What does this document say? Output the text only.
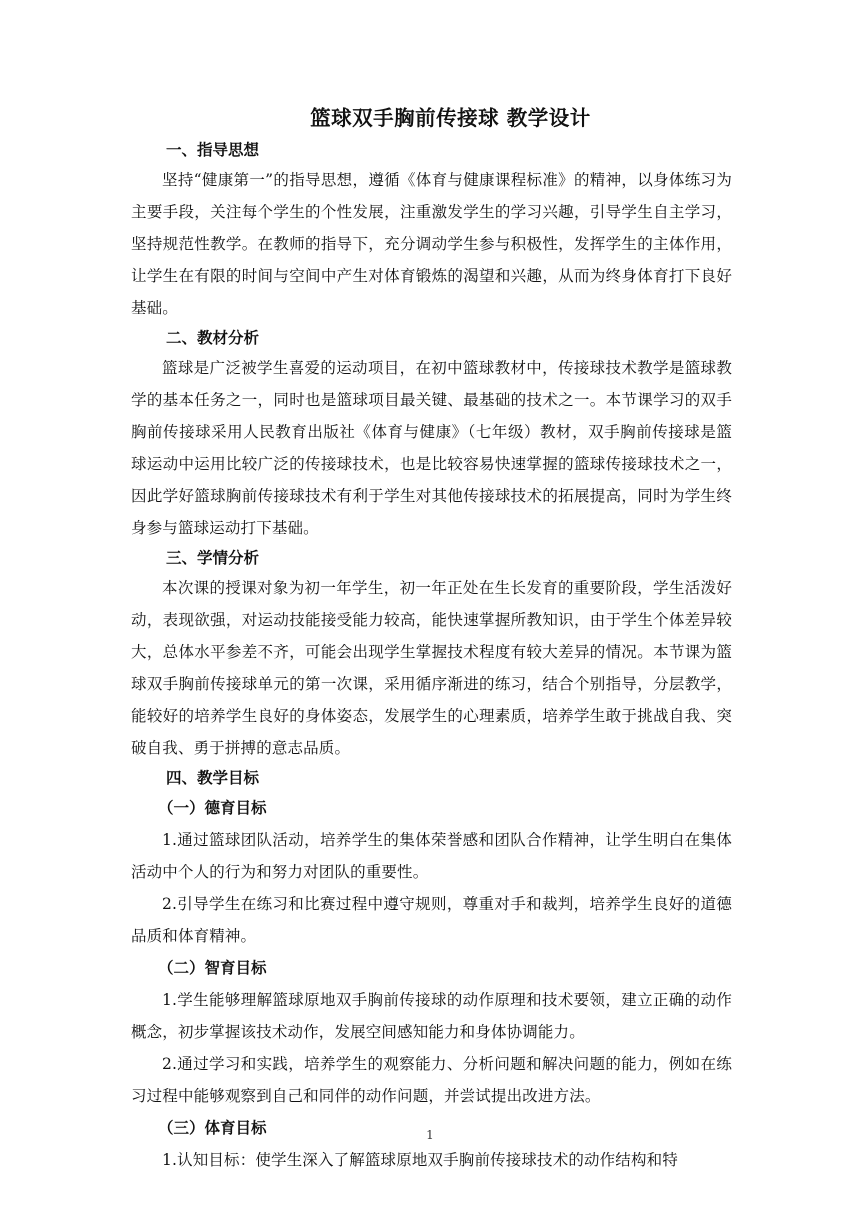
篮球双手胸前传接球 教学设计
一、指导思想

坚持“健康第一”的指导思想，遵循《体育与健康课程标准》的精神，以身体练习为主要手段，关注每个学生的个性发展，注重激发学生的学习兴趣，引导学生自主学习，坚持规范性教学。在教师的指导下，充分调动学生参与积极性，发挥学生的主体作用，让学生在有限的时间与空间中产生对体育锻炼的渴望和兴趣，从而为终身体育打下良好基础。

二、教材分析

篮球是广泛被学生喜爱的运动项目，在初中篮球教材中，传接球技术教学是篮球教学的基本任务之一，同时也是篮球项目最关键、最基础的技术之一。本节课学习的双手胸前传接球采用人民教育出版社《体育与健康》（七年级）教材，双手胸前传接球是篮球运动中运用比较广泛的传接球技术，也是比较容易快速掌握的篮球传接球技术之一，因此学好篮球胸前传接球技术有利于学生对其他传接球技术的拓展提高，同时为学生终身参与篮球运动打下基础。

三、学情分析

本次课的授课对象为初一年学生，初一年正处在生长发育的重要阶段，学生活泼好动，表现欲强，对运动技能接受能力较高，能快速掌握所教知识，由于学生个体差异较大，总体水平参差不齐，可能会出现学生掌握技术程度有较大差异的情况。本节课为篮球双手胸前传接球单元的第一次课，采用循序渐进的练习，结合个别指导，分层教学，能较好的培养学生良好的身体姿态，发展学生的心理素质，培养学生敢于挑战自我、突破自我、勇于拼搏的意志品质。

四、教学目标
（一）德育目标

1.通过篮球团队活动，培养学生的集体荣誉感和团队合作精神，让学生明白在集体活动中个人的行为和努力对团队的重要性。

2.引导学生在练习和比赛过程中遵守规则，尊重对手和裁判，培养学生良好的道德品质和体育精神。

（二）智育目标

1.学生能够理解篮球原地双手胸前传接球的动作原理和技术要领，建立正确的动作概念，初步掌握该技术动作，发展空间感知能力和身体协调能力。

2.通过学习和实践，培养学生的观察能力、分析问题和解决问题的能力，例如在练习过程中能够观察到自己和同伴的动作问题，并尝试提出改进方法。

（三）体育目标

1.认知目标：使学生深入了解篮球原地双手胸前传接球技术的动作结构和特

1
